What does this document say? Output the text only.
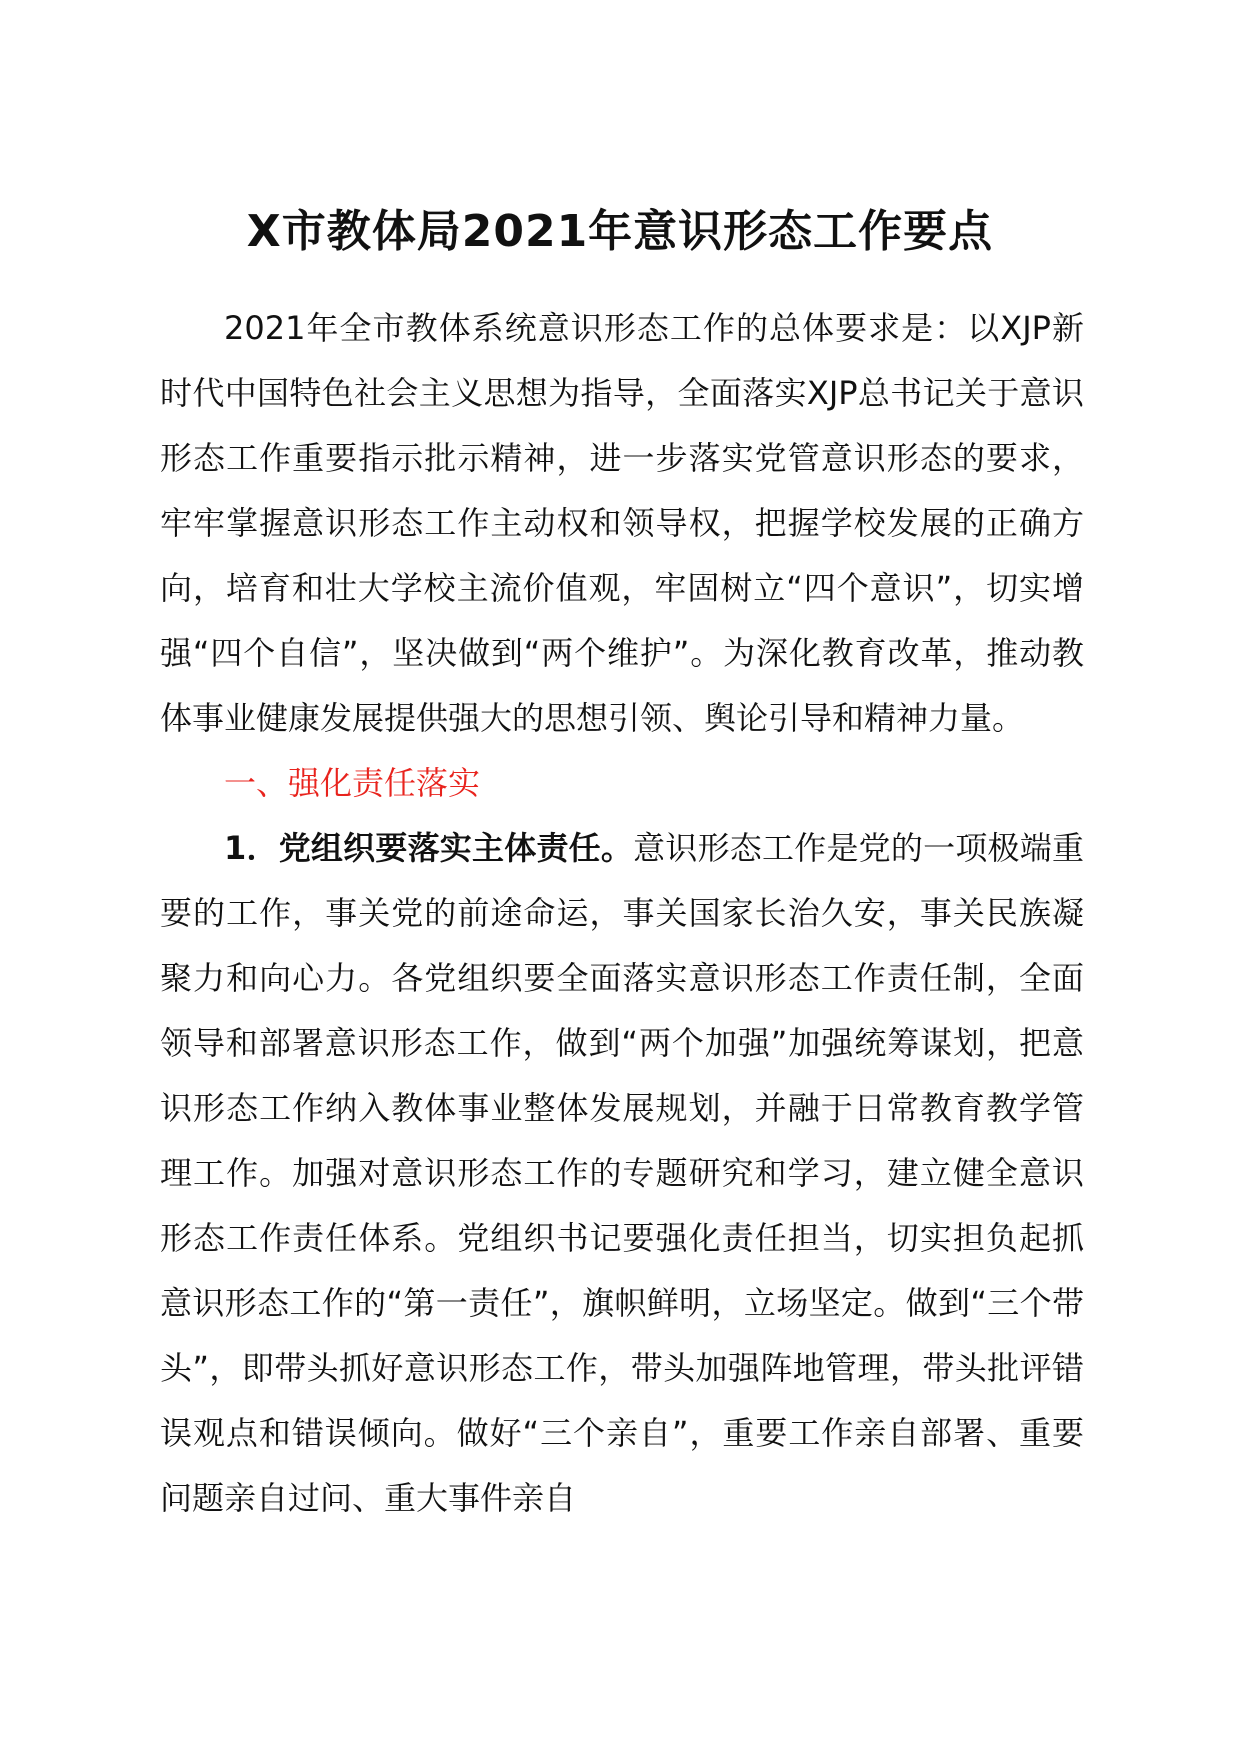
X市教体局2021年意识形态工作要点

2021年全市教体系统意识形态工作的总体要求是：以XJP新时代中国特色社会主义思想为指导，全面落实XJP总书记关于意识形态工作重要指示批示精神，进一步落实党管意识形态的要求，牢牢掌握意识形态工作主动权和领导权，把握学校发展的正确方向，培育和壮大学校主流价值观，牢固树立“四个意识”，切实增强“四个自信”，坚决做到“两个维护”。为深化教育改革，推动教体事业健康发展提供强大的思想引领、舆论引导和精神力量。

一、强化责任落实

1．党组织要落实主体责任。意识形态工作是党的一项极端重要的工作，事关党的前途命运，事关国家长治久安，事关民族凝聚力和向心力。各党组织要全面落实意识形态工作责任制，全面领导和部署意识形态工作，做到“两个加强”加强统筹谋划，把意识形态工作纳入教体事业整体发展规划，并融于日常教育教学管理工作。加强对意识形态工作的专题研究和学习，建立健全意识形态工作责任体系。党组织书记要强化责任担当，切实担负起抓意识形态工作的“第一责任”，旗帜鲜明，立场坚定。做到“三个带头”，即带头抓好意识形态工作，带头加强阵地管理，带头批评错误观点和错误倾向。做好“三个亲自”，重要工作亲自部署、重要问题亲自过问、重大事件亲自
